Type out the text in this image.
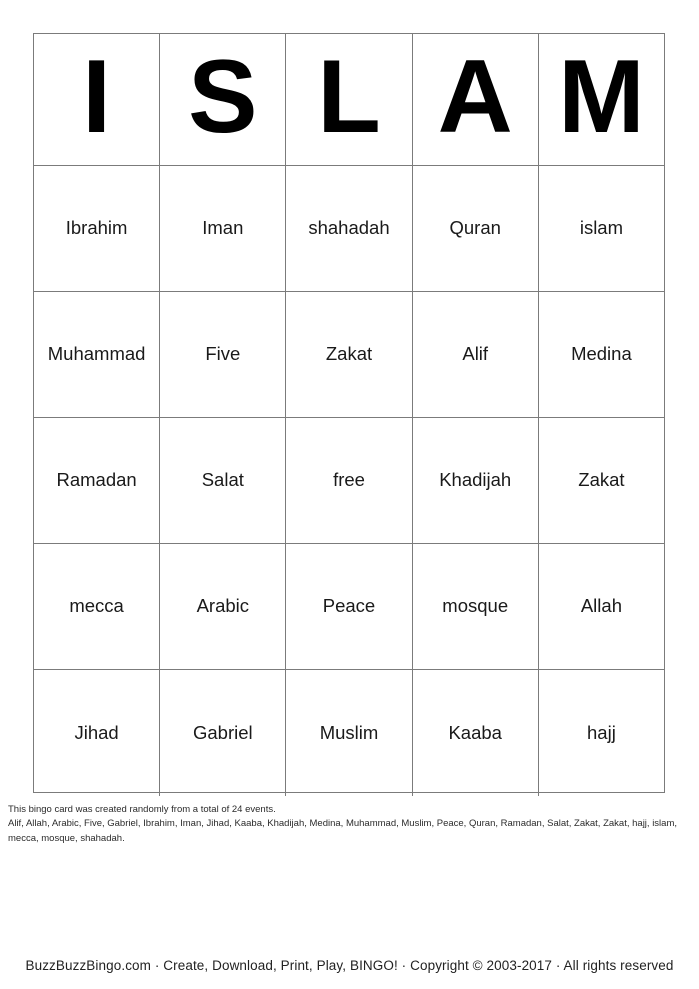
I S L A M
Ibrahim	Iman	shahadah	Quran	islam
Muhammad	Five	Zakat	Alif	Medina
Ramadan	Salat	free	Khadijah	Zakat
mecca	Arabic	Peace	mosque	Allah
Jihad	Gabriel	Muslim	Kaaba	hajj
This bingo card was created randomly from a total of 24 events.
Alif, Allah, Arabic, Five, Gabriel, Ibrahim, Iman, Jihad, Kaaba, Khadijah, Medina, Muhammad, Muslim, Peace, Quran, Ramadan, Salat, Zakat, Zakat, hajj, islam, mecca, mosque, shahadah.
BuzzBuzzBingo.com · Create, Download, Print, Play, BINGO! · Copyright © 2003-2017 · All rights reserved
